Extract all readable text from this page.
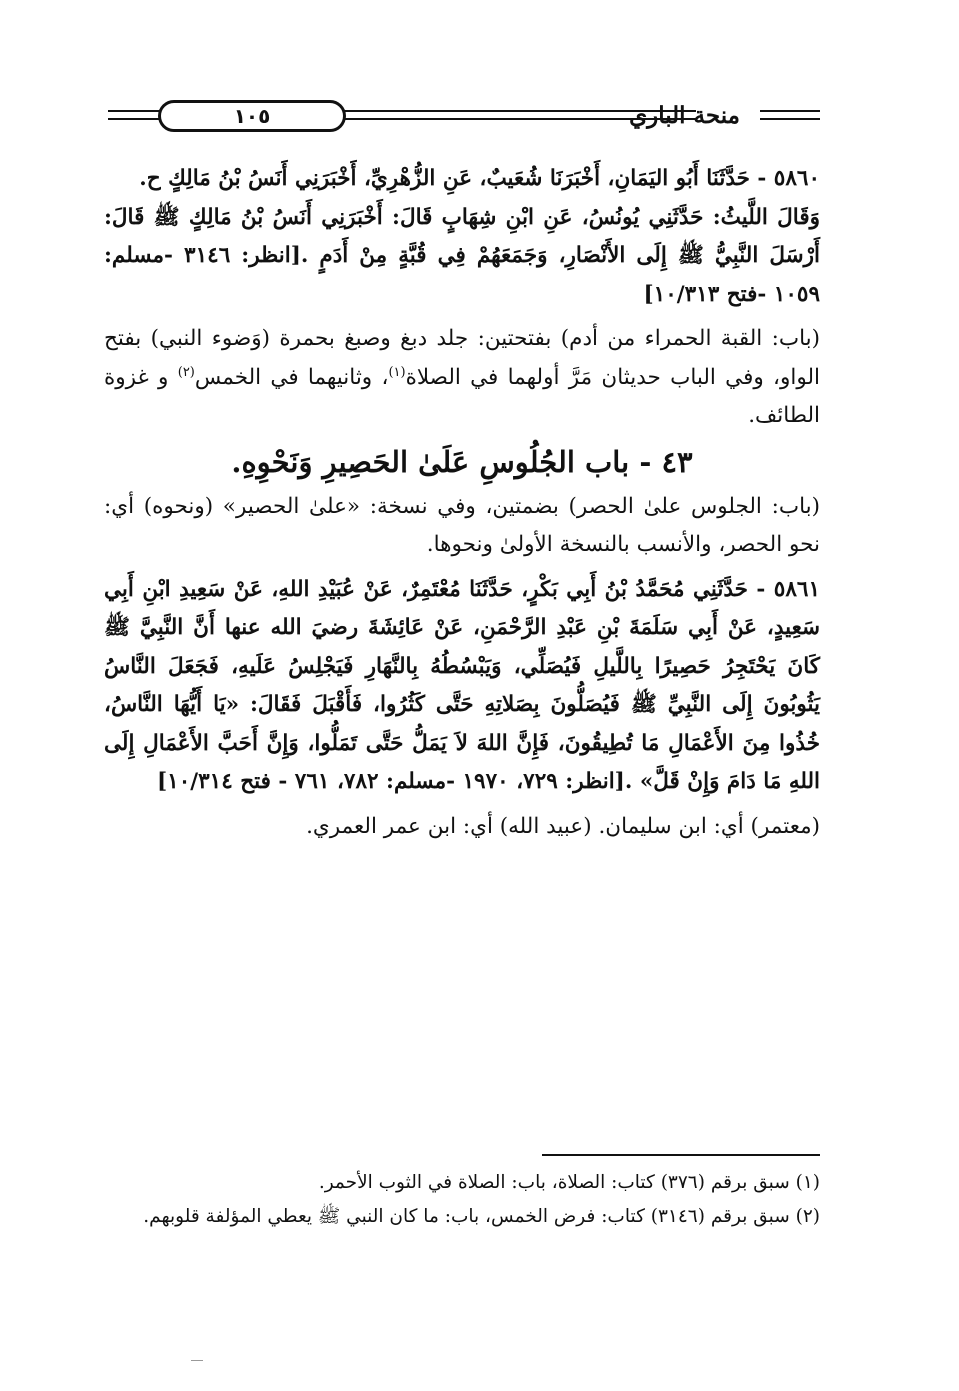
١٠٥	منحة الباري

٥٨٦٠ - حَدَّثَنَا أَبُو اليَمَانِ، أَخْبَرَنَا شُعَيبٌ، عَنِ الزُّهْرِيِّ، أَخْبَرَنِي أَنَسُ بْنُ مَالِكٍ ح.

وَقَالَ اللَّيثُ: حَدَّثَنِي يُونُسُ، عَنِ ابْنِ شِهَابٍ قَالَ: أَخْبَرَنِي أَنَسُ بْنُ مَالِكٍ ﷺ قَالَ: أَرْسَلَ النَّبِيُّ ﷺ إِلَى الأَنْصَارِ، وَجَمَعَهُمْ فِي قُبَّةٍ مِنْ أَدَمٍ .[انظر: ٣١٤٦ -مسلم: ١٠٥٩ -فتح ١٠/٣١٣]

(باب: القبة الحمراء من أدم) بفتحتين: جلد دبغ وصبغ بحمرة (وَضوء النبي) بفتح الواو، وفي الباب حديثان مَرَّ أولهما في الصلاة$^{(١)}$، وثانيهما في الخمس$^{(٢)}$ و غزوة الطائف.

٤٣ - باب الجُلُوسِ عَلَىٰ الحَصِيرِ وَنَحْوِهِ.

(باب: الجلوس علىٰ الحصر) بضمتين، وفي نسخة: «علىٰ الحصير» (ونحوه) أي: نحو الحصر، والأنسب بالنسخة الأولىٰ ونحوها.

٥٨٦١ - حَدَّثَنِي مُحَمَّدُ بْنُ أَبِي بَكْرٍ، حَدَّثَنَا مُعْتَمِرٌ، عَنْ عُبَيْدِ اللهِ، عَنْ سَعِيدِ ابْنِ أَبِي سَعِيدٍ، عَنْ أَبِي سَلَمَةَ بْنِ عَبْدِ الرَّحْمَنِ، عَنْ عَائِشَةَ رضيَ الله عنها أَنَّ النَّبِيَّ ﷺ كَانَ يَحْتَجِرُ حَصِيرًا بِاللَّيلِ فَيُصَلِّي، وَيَبْسُطُهُ بِالنَّهَارِ فَيَجْلِسُ عَلَيهِ، فَجَعَلَ النَّاسُ يَثُوبُونَ إِلَى النَّبِيِّ ﷺ فَيُصَلُّونَ بِصَلاتِهِ حَتَّى كَثُرُوا، فَأَقْبَلَ فَقَالَ: «يَا أَيُّهَا النَّاسُ، خُذُوا مِنَ الأَعْمَالِ مَا تُطِيقُونَ، فَإِنَّ اللهَ لاَ يَمَلُّ حَتَّى تَمَلُّوا، وَإِنَّ أَحَبَّ الأَعْمَالِ إِلَى اللهِ مَا دَامَ وَإِنْ قَلَّ» .[انظر: ٧٢٩، ١٩٧٠ -مسلم: ٧٨٢، ٧٦١ - فتح ١٠/٣١٤]

(معتمر) أي: ابن سليمان. (عبيد الله) أي: ابن عمر العمري.

(١) سبق برقم (٣٧٦) كتاب: الصلاة، باب: الصلاة في الثوب الأحمر.

(٢) سبق برقم (٣١٤٦) كتاب: فرض الخمس، باب: ما كان النبي ﷺ يعطي المؤلفة قلوبهم.
